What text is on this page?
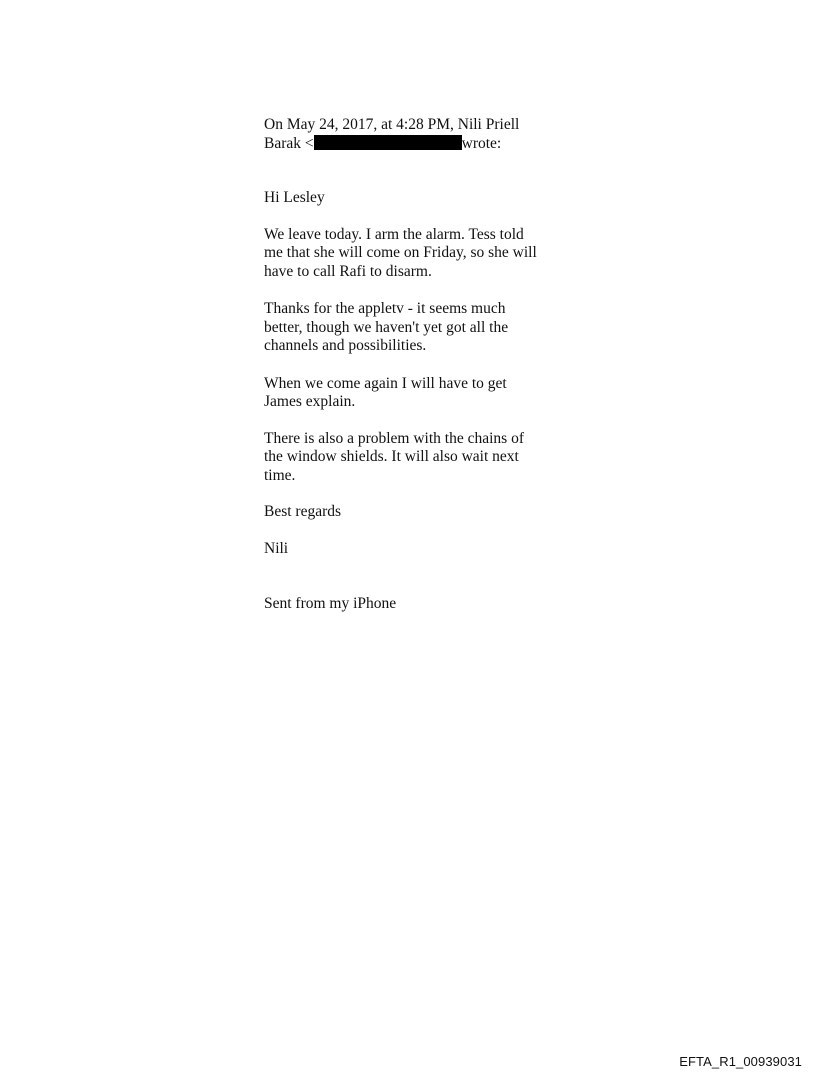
On May 24, 2017, at 4:28 PM, Nili Priell
Barak <	wrote:

Hi Lesley

We leave today. I arm the alarm. Tess told
me that she will come on Friday, so she will
have to call Rafi to disarm.

Thanks for the appletv - it seems much
better, though we haven't yet got all the
channels and possibilities.

When we come again I will have to get
James explain.

There is also a problem with the chains of
the window shields. It will also wait next
time.

Best regards

Nili

Sent from my iPhone

EFTA_R1_00939031
